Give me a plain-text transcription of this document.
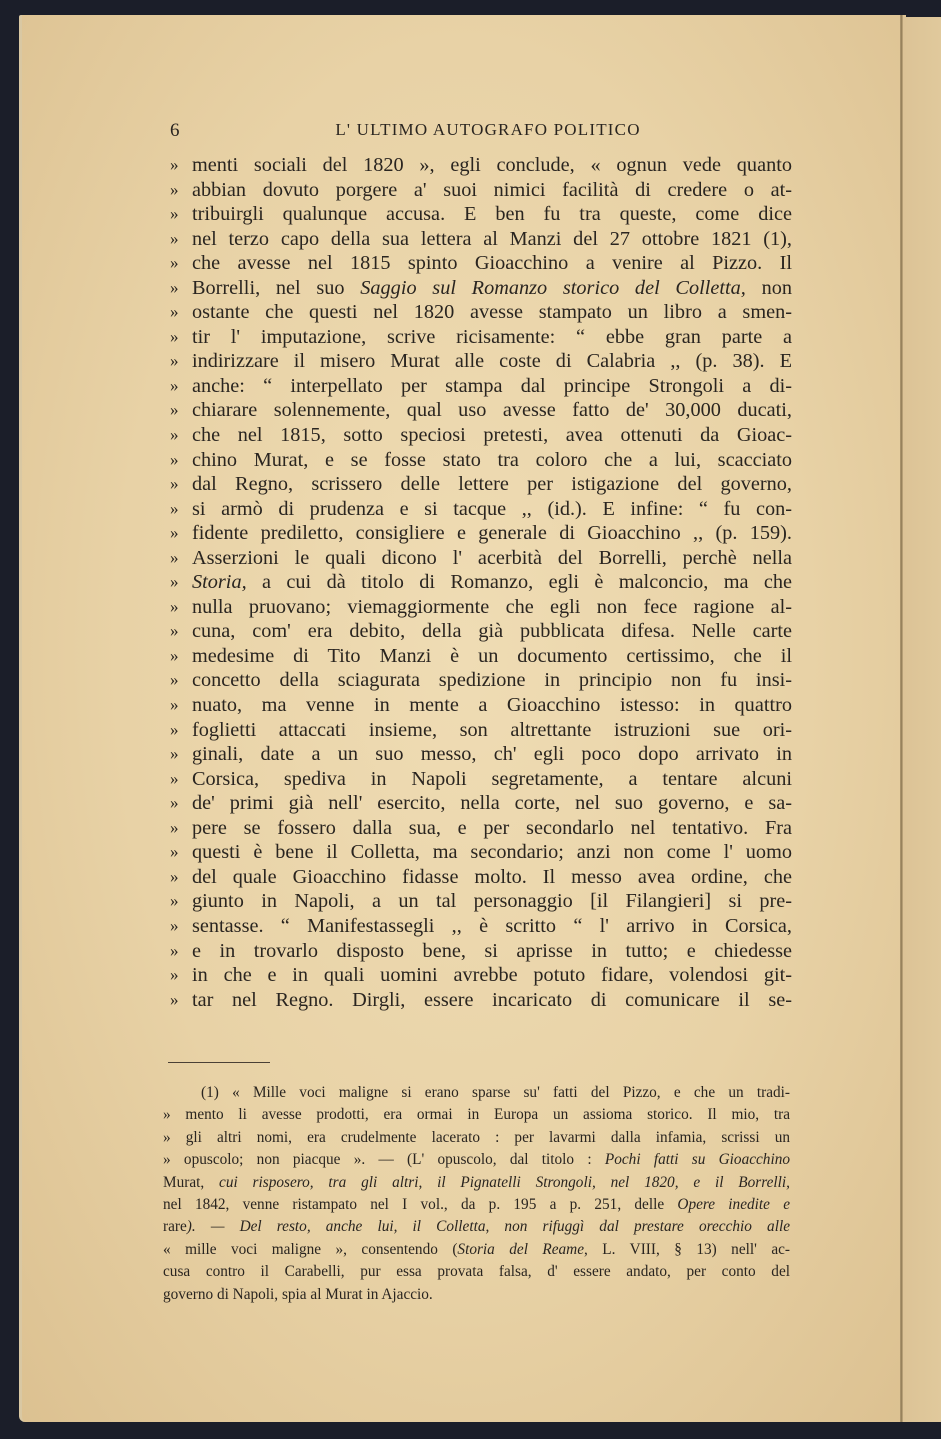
6	L' ULTIMO AUTOGRAFO POLITICO
» menti sociali del 1820 », egli conclude, « ognun vede quanto
» abbian dovuto porgere a' suoi nimici facilità di credere o at-
» tribuirgli qualunque accusa. E ben fu tra queste, come dice
» nel terzo capo della sua lettera al Manzi del 27 ottobre 1821 (1),
» che avesse nel 1815 spinto Gioacchino a venire al Pizzo. Il
» Borrelli, nel suo Saggio sul Romanzo storico del Colletta, non
» ostante che questi nel 1820 avesse stampato un libro a smen-
» tir l' imputazione, scrive ricisamente: “ ebbe gran parte a
» indirizzare il misero Murat alle coste di Calabria ,, (p. 38). E
» anche: “ interpellato per stampa dal principe Strongoli a di-
» chiarare solennemente, qual uso avesse fatto de' 30,000 ducati,
» che nel 1815, sotto speciosi pretesti, avea ottenuti da Gioac-
» chino Murat, e se fosse stato tra coloro che a lui, scacciato
» dal Regno, scrissero delle lettere per istigazione del governo,
» si armò di prudenza e si tacque ,, (id.). E infine: “ fu con-
» fidente prediletto, consigliere e generale di Gioacchino ,, (p. 159).
» Asserzioni le quali dicono l' acerbità del Borrelli, perchè nella
» Storia, a cui dà titolo di Romanzo, egli è malconcio, ma che
» nulla pruovano; viemaggiormente che egli non fece ragione al-
» cuna, com' era debito, della già pubblicata difesa. Nelle carte
» medesime di Tito Manzi è un documento certissimo, che il
» concetto della sciagurata spedizione in principio non fu insi-
» nuato, ma venne in mente a Gioacchino istesso: in quattro
» foglietti attaccati insieme, son altrettante istruzioni sue ori-
» ginali, date a un suo messo, ch' egli poco dopo arrivato in
» Corsica, spediva in Napoli segretamente, a tentare alcuni
» de' primi già nell' esercito, nella corte, nel suo governo, e sa-
» pere se fossero dalla sua, e per secondarlo nel tentativo. Fra
» questi è bene il Colletta, ma secondario; anzi non come l' uomo
» del quale Gioacchino fidasse molto. Il messo avea ordine, che
» giunto in Napoli, a un tal personaggio [il Filangieri] si pre-
» sentasse. “ Manifestassegli ,, è scritto “ l' arrivo in Corsica,
» e in trovarlo disposto bene, si aprisse in tutto; e chiedesse
» in che e in quali uomini avrebbe potuto fidare, volendosi git-
» tar nel Regno. Dirgli, essere incaricato di comunicare il se-
(1) « Mille voci maligne si erano sparse su' fatti del Pizzo, e che un tradi-
» mento li avesse prodotti, era ormai in Europa un assioma storico. Il mio, tra
» gli altri nomi, era crudelmente lacerato : per lavarmi dalla infamia, scrissi un
» opuscolo; non piacque ». — (L' opuscolo, dal titolo : Pochi fatti su Gioacchino
Murat, cui risposero, tra gli altri, il Pignatelli Strongoli, nel 1820, e il Borrelli,
nel 1842, venne ristampato nel I vol., da p. 195 a p. 251, delle Opere inedite e
rare). — Del resto, anche lui, il Colletta, non rifuggì dal prestare orecchio alle
« mille voci maligne », consentendo (Storia del Reame, L. VIII, § 13) nell' ac-
cusa contro il Carabelli, pur essa provata falsa, d' essere andato, per conto del
governo di Napoli, spia al Murat in Ajaccio.
